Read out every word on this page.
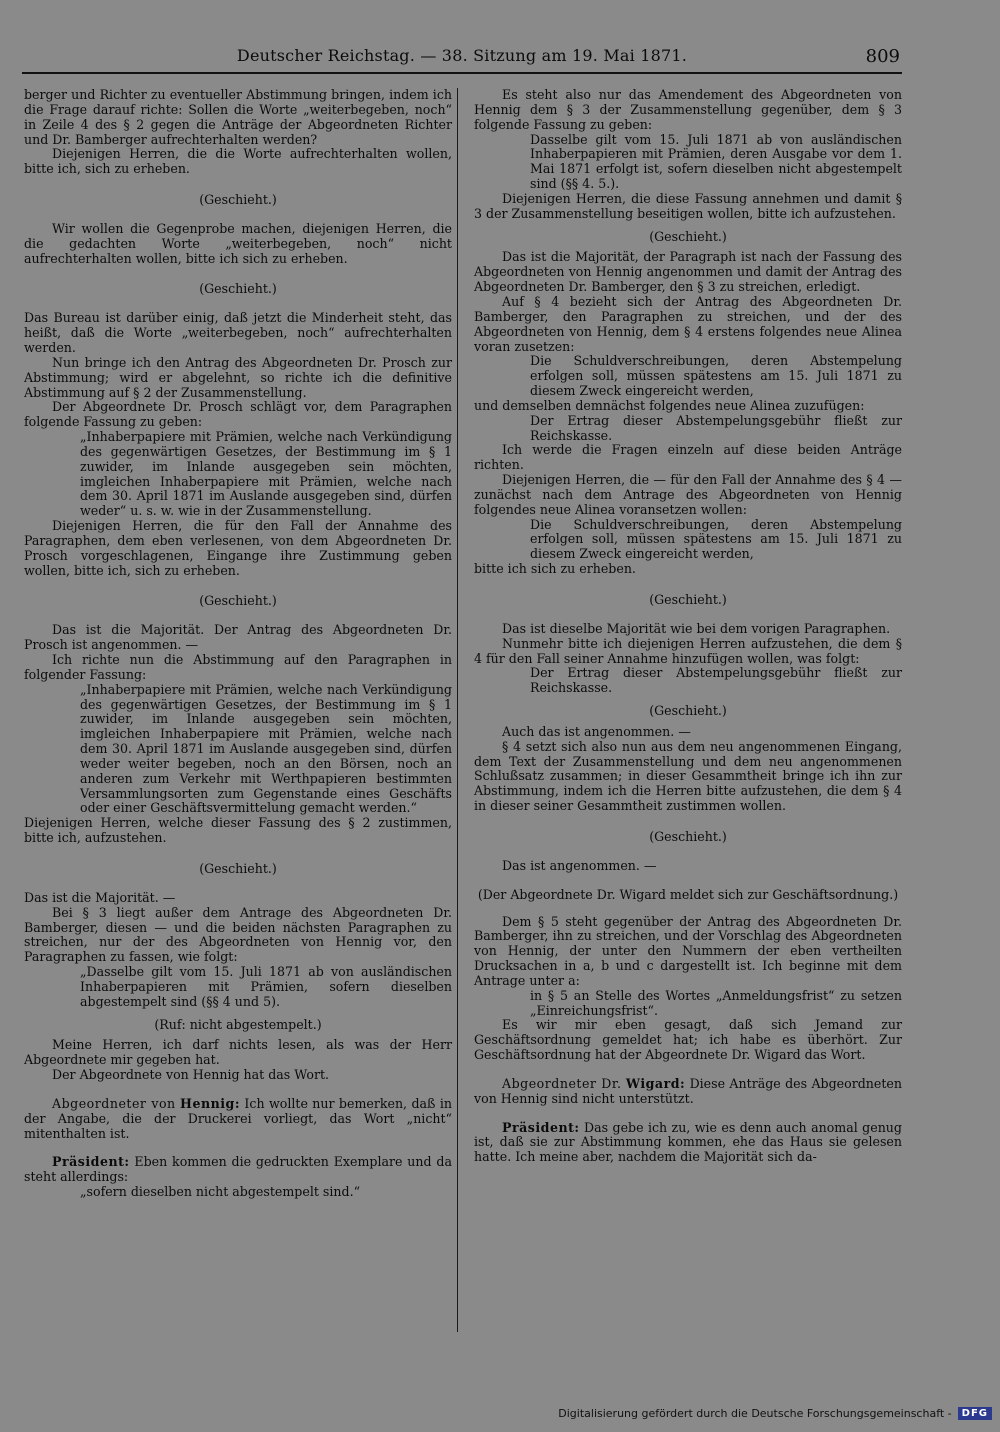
Deutscher Reichstag. — 38. Sitzung am 19. Mai 1871.	809

berger und Richter zu eventueller Abstimmung bringen, indem ich die Frage darauf richte: Sollen die Worte „weiterbegeben, noch“ in Zeile 4 des § 2 gegen die Anträge der Abgeordneten Richter und Dr. Bamberger aufrechterhalten werden?

Diejenigen Herren, die die Worte aufrechterhalten wollen, bitte ich, sich zu erheben.

(Geschieht.)

Wir wollen die Gegenprobe machen, diejenigen Herren, die die gedachten Worte „weiterbegeben, noch“ nicht aufrechterhalten wollen, bitte ich sich zu erheben.

(Geschieht.)

Das Bureau ist darüber einig, daß jetzt die Minderheit steht, das heißt, daß die Worte „weiterbegeben, noch“ aufrechterhalten werden.

Nun bringe ich den Antrag des Abgeordneten Dr. Prosch zur Abstimmung; wird er abgelehnt, so richte ich die definitive Abstimmung auf § 2 der Zusammenstellung.

Der Abgeordnete Dr. Prosch schlägt vor, dem Paragraphen folgende Fassung zu geben:

„Inhaberpapiere mit Prämien, welche nach Verkündigung des gegenwärtigen Gesetzes, der Bestimmung im § 1 zuwider, im Inlande ausgegeben sein möchten, imgleichen Inhaberpapiere mit Prämien, welche nach dem 30. April 1871 im Auslande ausgegeben sind, dürfen weder“ u. s. w. wie in der Zusammenstellung.

Diejenigen Herren, die für den Fall der Annahme des Paragraphen, dem eben verlesenen, von dem Abgeordneten Dr. Prosch vorgeschlagenen, Eingange ihre Zustimmung geben wollen, bitte ich, sich zu erheben.

(Geschieht.)

Das ist die Majorität. Der Antrag des Abgeordneten Dr. Prosch ist angenommen. —

Ich richte nun die Abstimmung auf den Paragraphen in folgender Fassung:

„Inhaberpapiere mit Prämien, welche nach Verkündigung des gegenwärtigen Gesetzes, der Bestimmung im § 1 zuwider, im Inlande ausgegeben sein möchten, imgleichen Inhaberpapiere mit Prämien, welche nach dem 30. April 1871 im Auslande ausgegeben sind, dürfen weder weiter begeben, noch an den Börsen, noch an anderen zum Verkehr mit Werthpapieren bestimmten Versammlungsorten zum Gegenstande eines Geschäfts oder einer Geschäftsvermittelung gemacht werden.“

Diejenigen Herren, welche dieser Fassung des § 2 zustimmen, bitte ich, aufzustehen.

(Geschieht.)

Das ist die Majorität. —

Bei § 3 liegt außer dem Antrage des Abgeordneten Dr. Bamberger, diesen — und die beiden nächsten Paragraphen zu streichen, nur der des Abgeordneten von Hennig vor, den Paragraphen zu fassen, wie folgt:

„Dasselbe gilt vom 15. Juli 1871 ab von ausländischen Inhaberpapieren mit Prämien, sofern dieselben abgestempelt sind (§§ 4 und 5).

(Ruf: nicht abgestempelt.)

Meine Herren, ich darf nichts lesen, als was der Herr Abgeordnete mir gegeben hat.

Der Abgeordnete von Hennig hat das Wort.

Abgeordneter von Hennig: Ich wollte nur bemerken, daß in der Angabe, die der Druckerei vorliegt, das Wort „nicht“ mitenthalten ist.

Präsident: Eben kommen die gedruckten Exemplare und da steht allerdings:

„sofern dieselben nicht abgestempelt sind.“

Es steht also nur das Amendement des Abgeordneten von Hennig dem § 3 der Zusammenstellung gegenüber, dem § 3 folgende Fassung zu geben:

Dasselbe gilt vom 15. Juli 1871 ab von ausländischen Inhaberpapieren mit Prämien, deren Ausgabe vor dem 1. Mai 1871 erfolgt ist, sofern dieselben nicht abgestempelt sind (§§ 4. 5.).

Diejenigen Herren, die diese Fassung annehmen und damit § 3 der Zusammenstellung beseitigen wollen, bitte ich aufzustehen.

(Geschieht.)

Das ist die Majorität, der Paragraph ist nach der Fassung des Abgeordneten von Hennig angenommen und damit der Antrag des Abgeordneten Dr. Bamberger, den § 3 zu streichen, erledigt.

Auf § 4 bezieht sich der Antrag des Abgeordneten Dr. Bamberger, den Paragraphen zu streichen, und der des Abgeordneten von Hennig, dem § 4 erstens folgendes neue Alinea voran zusetzen:

Die Schuldverschreibungen, deren Abstempelung erfolgen soll, müssen spätestens am 15. Juli 1871 zu diesem Zweck eingereicht werden,

und demselben demnächst folgendes neue Alinea zuzufügen:

Der Ertrag dieser Abstempelungsgebühr fließt zur Reichskasse.

Ich werde die Fragen einzeln auf diese beiden Anträge richten.

Diejenigen Herren, die — für den Fall der Annahme des § 4 — zunächst nach dem Antrage des Abgeordneten von Hennig folgendes neue Alinea voransetzen wollen:

Die Schuldverschreibungen, deren Abstempelung erfolgen soll, müssen spätestens am 15. Juli 1871 zu diesem Zweck eingereicht werden,

bitte ich sich zu erheben.

(Geschieht.)

Das ist dieselbe Majorität wie bei dem vorigen Paragraphen.

Nunmehr bitte ich diejenigen Herren aufzustehen, die dem § 4 für den Fall seiner Annahme hinzufügen wollen, was folgt:

Der Ertrag dieser Abstempelungsgebühr fließt zur Reichskasse.

(Geschieht.)

Auch das ist angenommen. —

§ 4 setzt sich also nun aus dem neu angenommenen Eingang, dem Text der Zusammenstellung und dem neu angenommenen Schlußsatz zusammen; in dieser Gesammtheit bringe ich ihn zur Abstimmung, indem ich die Herren bitte aufzustehen, die dem § 4 in dieser seiner Gesammtheit zustimmen wollen.

(Geschieht.)

Das ist angenommen. —

(Der Abgeordnete Dr. Wigard meldet sich zur Geschäftsordnung.)

Dem § 5 steht gegenüber der Antrag des Abgeordneten Dr. Bamberger, ihn zu streichen, und der Vorschlag des Abgeordneten von Hennig, der unter den Nummern der eben vertheilten Drucksachen in a, b und c dargestellt ist. Ich beginne mit dem Antrage unter a:

in § 5 an Stelle des Wortes „Anmeldungsfrist“ zu setzen „Einreichungsfrist“.

Es wir mir eben gesagt, daß sich Jemand zur Geschäftsordnung gemeldet hat; ich habe es überhört. Zur Geschäftsordnung hat der Abgeordnete Dr. Wigard das Wort.

Abgeordneter Dr. Wigard: Diese Anträge des Abgeordneten von Hennig sind nicht unterstützt.

Präsident: Das gebe ich zu, wie es denn auch anomal genug ist, daß sie zur Abstimmung kommen, ehe das Haus sie gelesen hatte. Ich meine aber, nachdem die Majorität sich da-

Digitalisierung gefördert durch die Deutsche Forschungsgemeinschaft -	DFG
